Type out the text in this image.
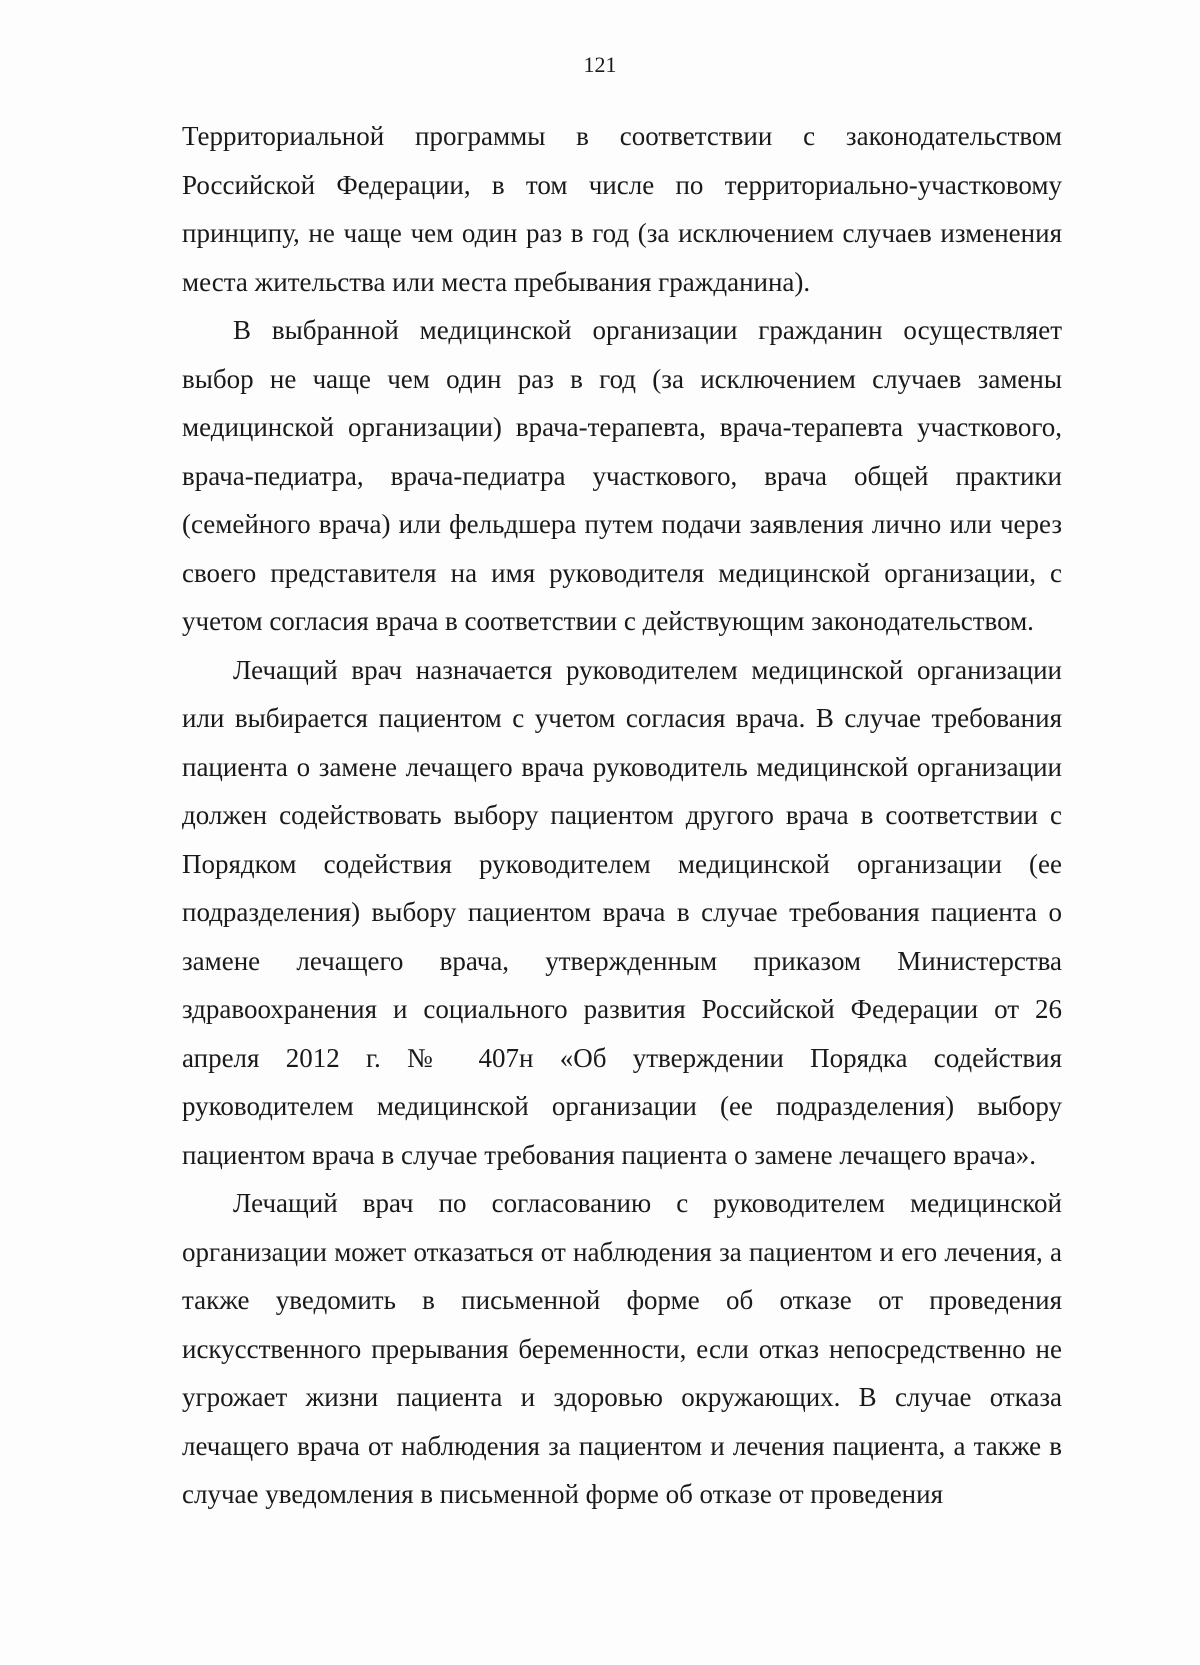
121

Территориальной программы в соответствии с законодательством Российской Федерации, в том числе по территориально-участковому принципу, не чаще чем один раз в год (за исключением случаев изменения места жительства или места пребывания гражданина).

В выбранной медицинской организации гражданин осуществляет выбор не чаще чем один раз в год (за исключением случаев замены медицинской организации) врача-терапевта, врача-терапевта участкового, врача-педиатра, врача-педиатра участкового, врача общей практики (семейного врача) или фельдшера путем подачи заявления лично или через своего представителя на имя руководителя медицинской организации, с учетом согласия врача в соответствии с действующим законодательством.

Лечащий врач назначается руководителем медицинской организации или выбирается пациентом с учетом согласия врача. В случае требования пациента о замене лечащего врача руководитель медицинской организации должен содействовать выбору пациентом другого врача в соответствии с Порядком содействия руководителем медицинской организации (ее подразделения) выбору пациентом врача в случае требования пациента о замене лечащего врача, утвержденным приказом Министерства здравоохранения и социального развития Российской Федерации от 26 апреля 2012 г. № 407н «Об утверждении Порядка содействия руководителем медицинской организации (ее подразделения) выбору пациентом врача в случае требования пациента о замене лечащего врача».

Лечащий врач по согласованию с руководителем медицинской организации может отказаться от наблюдения за пациентом и его лечения, а также уведомить в письменной форме об отказе от проведения искусственного прерывания беременности, если отказ непосредственно не угрожает жизни пациента и здоровью окружающих. В случае отказа лечащего врача от наблюдения за пациентом и лечения пациента, а также в случае уведомления в письменной форме об отказе от проведения
